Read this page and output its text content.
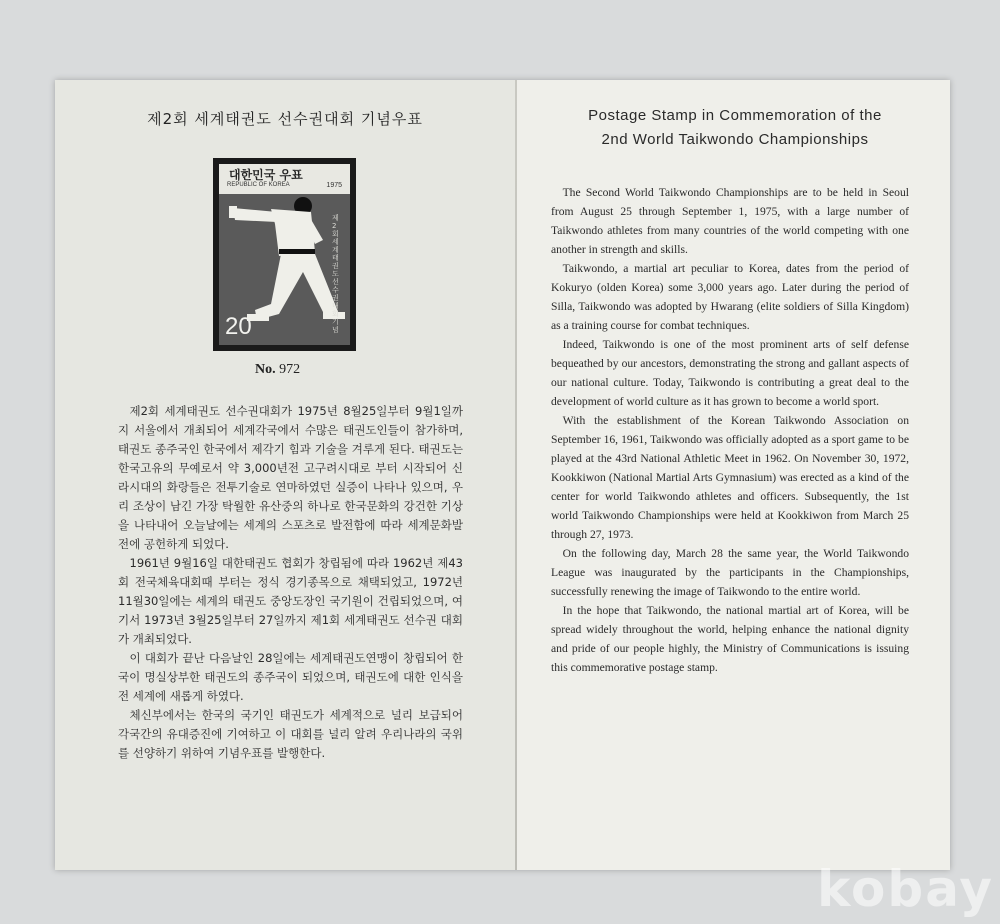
제2회 세계태권도 선수권대회 기념우표
대한민국 우표
REPUBLIC OF KOREA	1975
제2회세계태권도선수권대회기념
20
No. 972

제2회 세계태권도 선수권대회가 1975년 8월25일부터 9월1일까지 서울에서 개최되어 세계각국에서 수많은 태권도인들이 참가하며, 태권도 종주국인 한국에서 제각기 힘과 기술을 겨루게 된다. 태권도는 한국고유의 무예로서 약 3,000년전 고구려시대로 부터 시작되어 신라시대의 화랑들은 전투기술로 연마하였던 실증이 나타나 있으며, 우리 조상이 남긴 가장 탁월한 유산중의 하나로 한국문화의 강건한 기상을 나타내어 오늘날에는 세계의 스포츠로 발전함에 따라 세계문화발전에 공헌하게 되었다.

1961년 9월16일 대한태권도 협회가 창립됨에 따라 1962년 제43회 전국체육대회때 부터는 정식 경기종목으로 채택되었고, 1972년11월30일에는 세계의 태권도 중앙도장인 국기원이 건립되었으며, 여기서 1973년 3월25일부터 27일까지 제1회 세계태권도 선수권 대회가 개최되었다.

이 대회가 끝난 다음날인 28일에는 세계태권도연맹이 창립되어 한국이 명실상부한 태권도의 종주국이 되었으며, 태권도에 대한 인식을 전 세계에 새롭게 하였다.

체신부에서는 한국의 국기인 태권도가 세계적으로 널리 보급되어 각국간의 유대증진에 기여하고 이 대회를 널리 알려 우리나라의 국위를 선양하기 위하여 기념우표를 발행한다.

Postage Stamp in Commemoration of the
2nd World Taikwondo Championships

The Second World Taikwondo Championships are to be held in Seoul from August 25 through September 1, 1975, with a large number of Taikwondo athletes from many countries of the world competing with one another in strength and skills.

Taikwondo, a martial art peculiar to Korea, dates from the period of Kokuryo (olden Korea) some 3,000 years ago. Later during the period of Silla, Taikwondo was adopted by Hwarang (elite soldiers of Silla Kingdom) as a training course for combat techniques.

Indeed, Taikwondo is one of the most prominent arts of self defense bequeathed by our ancestors, demonstrating the strong and gallant aspects of our national culture. Today, Taikwondo is contributing a great deal to the development of world culture as it has grown to become a world sport.

With the establishment of the Korean Taikwondo Association on September 16, 1961, Taikwondo was officially adopted as a sport game to be played at the 43rd National Athletic Meet in 1962. On November 30, 1972, Kookkiwon (National Martial Arts Gymnasium) was erected as a kind of the center for world Taikwondo athletes and officers. Subsequently, the 1st world Taikwondo Championships were held at Kookkiwon from March 25 through 27, 1973.

On the following day, March 28 the same year, the World Taikwondo League was inaugurated by the participants in the Championships, successfully renewing the image of Taikwondo to the entire world.

In the hope that Taikwondo, the national martial art of Korea, will be spread widely throughout the world, helping enhance the national dignity and pride of our people highly, the Ministry of Communications is issuing this commemorative postage stamp.

kobay
